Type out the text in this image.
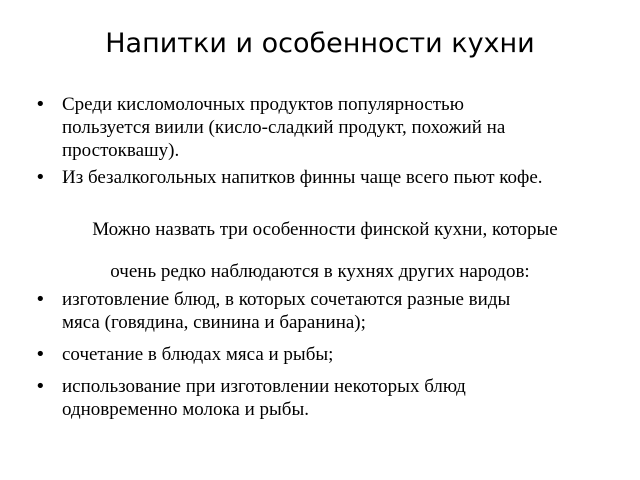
Напитки и особенности кухни
• Среди кисломолочных продуктов популярностью пользуется виили (кисло-сладкий продукт, похожий на простоквашу).
• Из безалкогольных напитков финны чаще всего пьют кофе.

Можно назвать три особенности финской кухни, которые

очень редко наблюдаются в кухнях других народов:

• изготовление блюд, в которых сочетаются разные виды мяса (говядина, свинина и баранина);
• сочетание в блюдах мяса и рыбы;
• использование при изготовлении некоторых блюд одновременно молока и рыбы.
